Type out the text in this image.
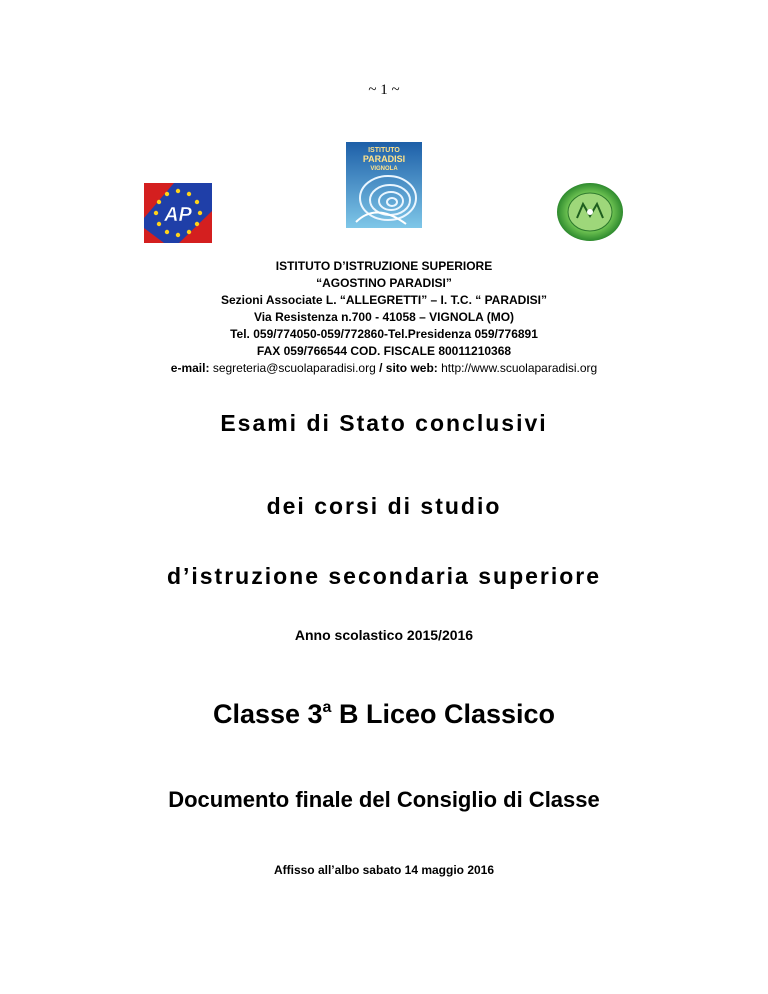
~ 1 ~
AP
ISTITUTO
PARADISI
VIGNOLA
ISTITUTO D’ISTRUZIONE SUPERIORE
“AGOSTINO PARADISI”
Sezioni Associate L. “ALLEGRETTI” – I. T.C. “ PARADISI”
Via Resistenza n.700 - 41058 – VIGNOLA (MO)
Tel. 059/774050-059/772860-Tel.Presidenza 059/776891
FAX 059/766544 COD. FISCALE 80011210368
e-mail: segreteria@scuolaparadisi.org / sito web: http://www.scuolaparadisi.org
Esami di Stato conclusivi
dei corsi di studio
d’istruzione secondaria superiore
Anno scolastico 2015/2016
Classe 3$^a$ B Liceo Classico
Documento finale del Consiglio di Classe
Affisso all’albo sabato 14 maggio 2016
